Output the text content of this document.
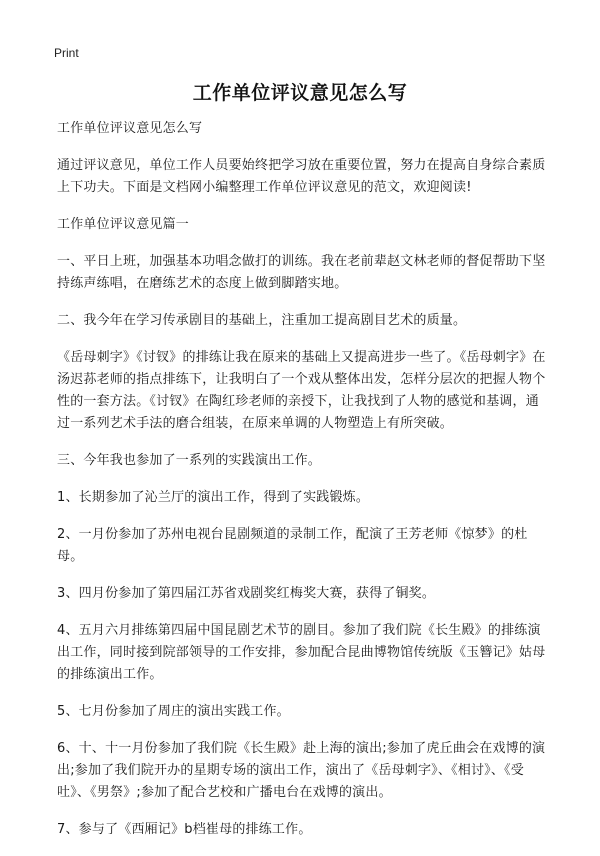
Print
工作单位评议意见怎么写

工作单位评议意见怎么写

通过评议意见，单位工作人员要始终把学习放在重要位置，努力在提高自身综合素质上下功夫。下面是文档网小编整理工作单位评议意见的范文，欢迎阅读!

工作单位评议意见篇一

一、平日上班，加强基本功唱念做打的训练。我在老前辈赵文林老师的督促帮助下坚持练声练唱，在磨练艺术的态度上做到脚踏实地。

二、我今年在学习传承剧目的基础上，注重加工提高剧目艺术的质量。

《岳母刺字》《讨钗》的排练让我在原来的基础上又提高进步一些了。《岳母刺字》在汤迟荪老师的指点排练下，让我明白了一个戏从整体出发，怎样分层次的把握人物个性的一套方法。《讨钗》在陶红珍老师的亲授下，让我找到了人物的感觉和基调，通过一系列艺术手法的磨合组装，在原来单调的人物塑造上有所突破。

三、今年我也参加了一系列的实践演出工作。

1、长期参加了沁兰厅的演出工作，得到了实践锻炼。

2、一月份参加了苏州电视台昆剧频道的录制工作，配演了王芳老师《惊梦》的杜母。

3、四月份参加了第四届江苏省戏剧奖红梅奖大赛，获得了铜奖。

4、五月六月排练第四届中国昆剧艺术节的剧目。参加了我们院《长生殿》的排练演出工作，同时接到院部领导的工作安排，参加配合昆曲博物馆传统版《玉簪记》姑母的排练演出工作。

5、七月份参加了周庄的演出实践工作。

6、十、十一月份参加了我们院《长生殿》赴上海的演出;参加了虎丘曲会在戏博的演出;参加了我们院开办的星期专场的演出工作，演出了《岳母刺字》、《相讨》、《受吐》、《男祭》;参加了配合艺校和广播电台在戏博的演出。

7、参与了《西厢记》b档崔母的排练工作。
